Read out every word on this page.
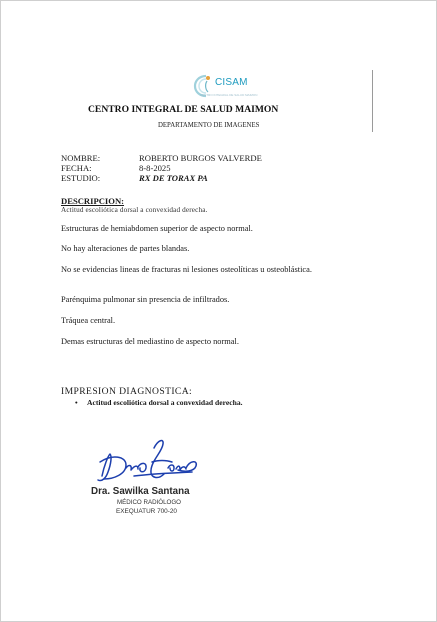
CISAM
CENTRO INTEGRAL DE SALUD MAIMON
CENTRO INTEGRAL DE SALUD MAIMON
DEPARTAMENTO DE IMAGENES
NOMBRE:	ROBERTO BURGOS VALVERDE
FECHA:	8-8-2025
ESTUDIO:	RX DE TORAX PA
DESCRIPCION:
Actitud escoliótica dorsal a convexidad derecha.
Estructuras de hemiabdomen superior de aspecto normal.
No hay alteraciones de partes blandas.
No se evidencias lineas de fracturas ni lesiones osteolíticas u osteoblástica.
Parénquima pulmonar sin presencia de infiltrados.
Tráquea central.
Demas estructuras del mediastino de aspecto normal.
IMPRESION DIAGNOSTICA:
• Actitud escoliótica dorsal a convexidad derecha.
Dra. Sawilka Santana
MÉDICO RADIÓLOGO
EXEQUATUR 700-20
